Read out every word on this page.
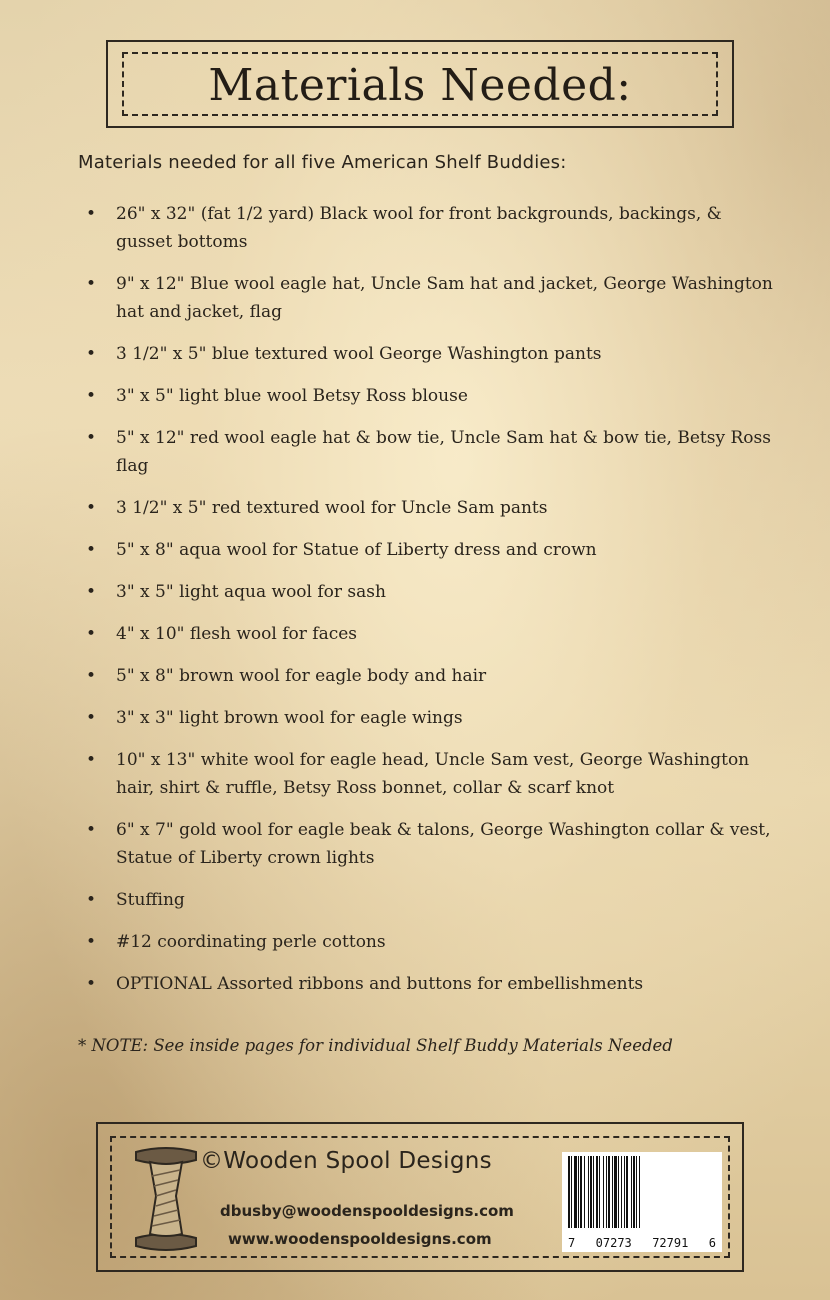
Materials Needed:
Materials needed for all five American Shelf Buddies:
• 26" x 32" (fat 1/2 yard) Black wool for front backgrounds, backings, & gusset bottoms
• 9" x 12" Blue wool eagle hat, Uncle Sam hat and jacket, George Washington hat and jacket, flag
• 3 1/2" x 5" blue textured wool George Washington pants
• 3" x 5" light blue wool Betsy Ross blouse
• 5" x 12" red wool eagle hat & bow tie, Uncle Sam hat & bow tie, Betsy Ross flag
• 3 1/2" x 5" red textured wool for Uncle Sam pants
• 5" x 8" aqua wool for Statue of Liberty dress and crown
• 3" x 5" light aqua wool for sash
• 4" x 10" flesh wool for faces
• 5" x 8" brown wool for eagle body and hair
• 3" x 3" light brown wool for eagle wings
• 10" x 13" white wool for eagle head, Uncle Sam vest, George Washington hair, shirt & ruffle, Betsy Ross bonnet, collar & scarf knot
• 6" x 7" gold wool for eagle beak & talons, George Washington collar & vest, Statue of Liberty crown lights
• Stuffing
• #12 coordinating perle cottons
• OPTIONAL Assorted ribbons and buttons for embellishments
* NOTE: See inside pages for individual Shelf Buddy Materials Needed
©Wooden Spool Designs
dbusby@woodenspooldesigns.com
www.woodenspooldesigns.com	7 07273 72791 6
